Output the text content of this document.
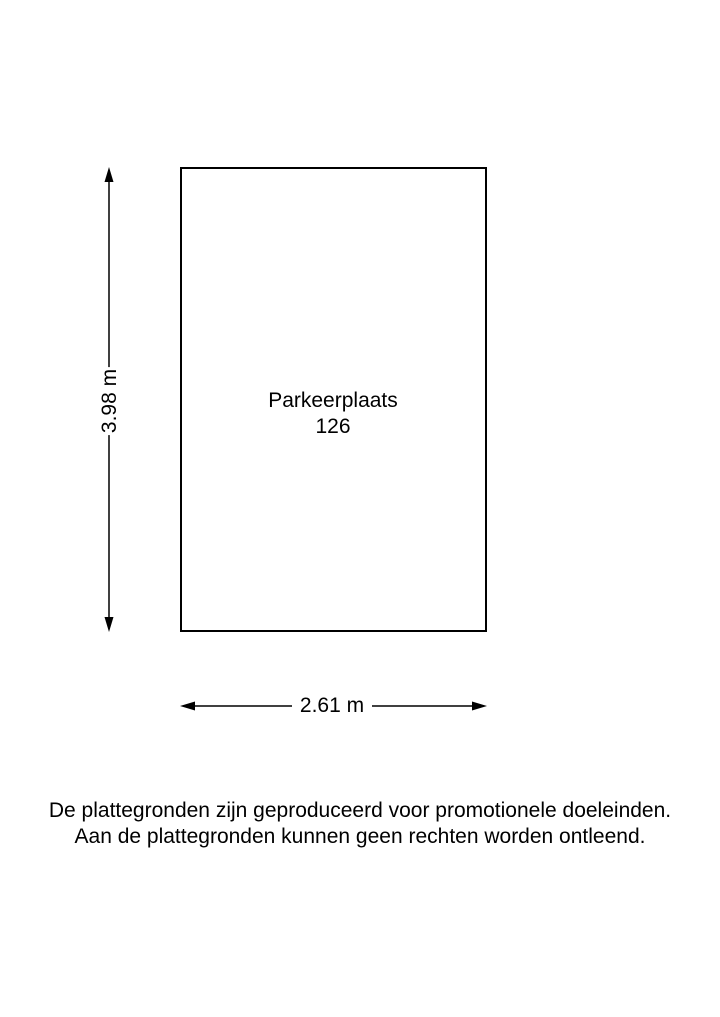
Parkeerplaats
126
3.98 m
2.61 m
De plattegronden zijn geproduceerd voor promotionele doeleinden.
Aan de plattegronden kunnen geen rechten worden ontleend.
